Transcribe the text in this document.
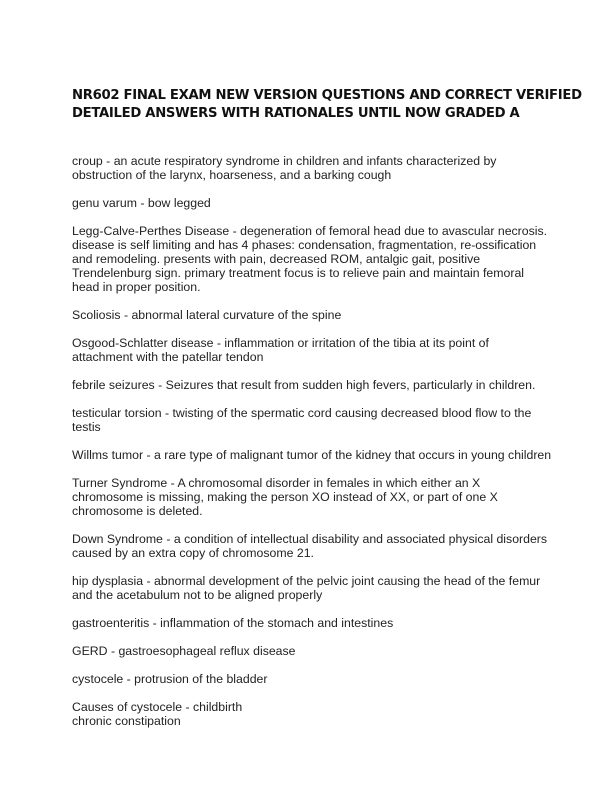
NR602 FINAL EXAM NEW VERSION QUESTIONS AND CORRECT VERIFIED
DETAILED ANSWERS WITH RATIONALES UNTIL NOW GRADED A
croup - an acute respiratory syndrome in children and infants characterized by
obstruction of the larynx, hoarseness, and a barking cough
genu varum - bow legged
Legg-Calve-Perthes Disease - degeneration of femoral head due to avascular necrosis.
disease is self limiting and has 4 phases: condensation, fragmentation, re-ossification
and remodeling. presents with pain, decreased ROM, antalgic gait, positive
Trendelenburg sign. primary treatment focus is to relieve pain and maintain femoral
head in proper position.
Scoliosis - abnormal lateral curvature of the spine
Osgood-Schlatter disease - inflammation or irritation of the tibia at its point of
attachment with the patellar tendon
febrile seizures - Seizures that result from sudden high fevers, particularly in children.
testicular torsion - twisting of the spermatic cord causing decreased blood flow to the
testis
Willms tumor - a rare type of malignant tumor of the kidney that occurs in young children
Turner Syndrome - A chromosomal disorder in females in which either an X
chromosome is missing, making the person XO instead of XX, or part of one X
chromosome is deleted.
Down Syndrome - a condition of intellectual disability and associated physical disorders
caused by an extra copy of chromosome 21.
hip dysplasia - abnormal development of the pelvic joint causing the head of the femur
and the acetabulum not to be aligned properly
gastroenteritis - inflammation of the stomach and intestines
GERD - gastroesophageal reflux disease
cystocele - protrusion of the bladder
Causes of cystocele - childbirth
chronic constipation
